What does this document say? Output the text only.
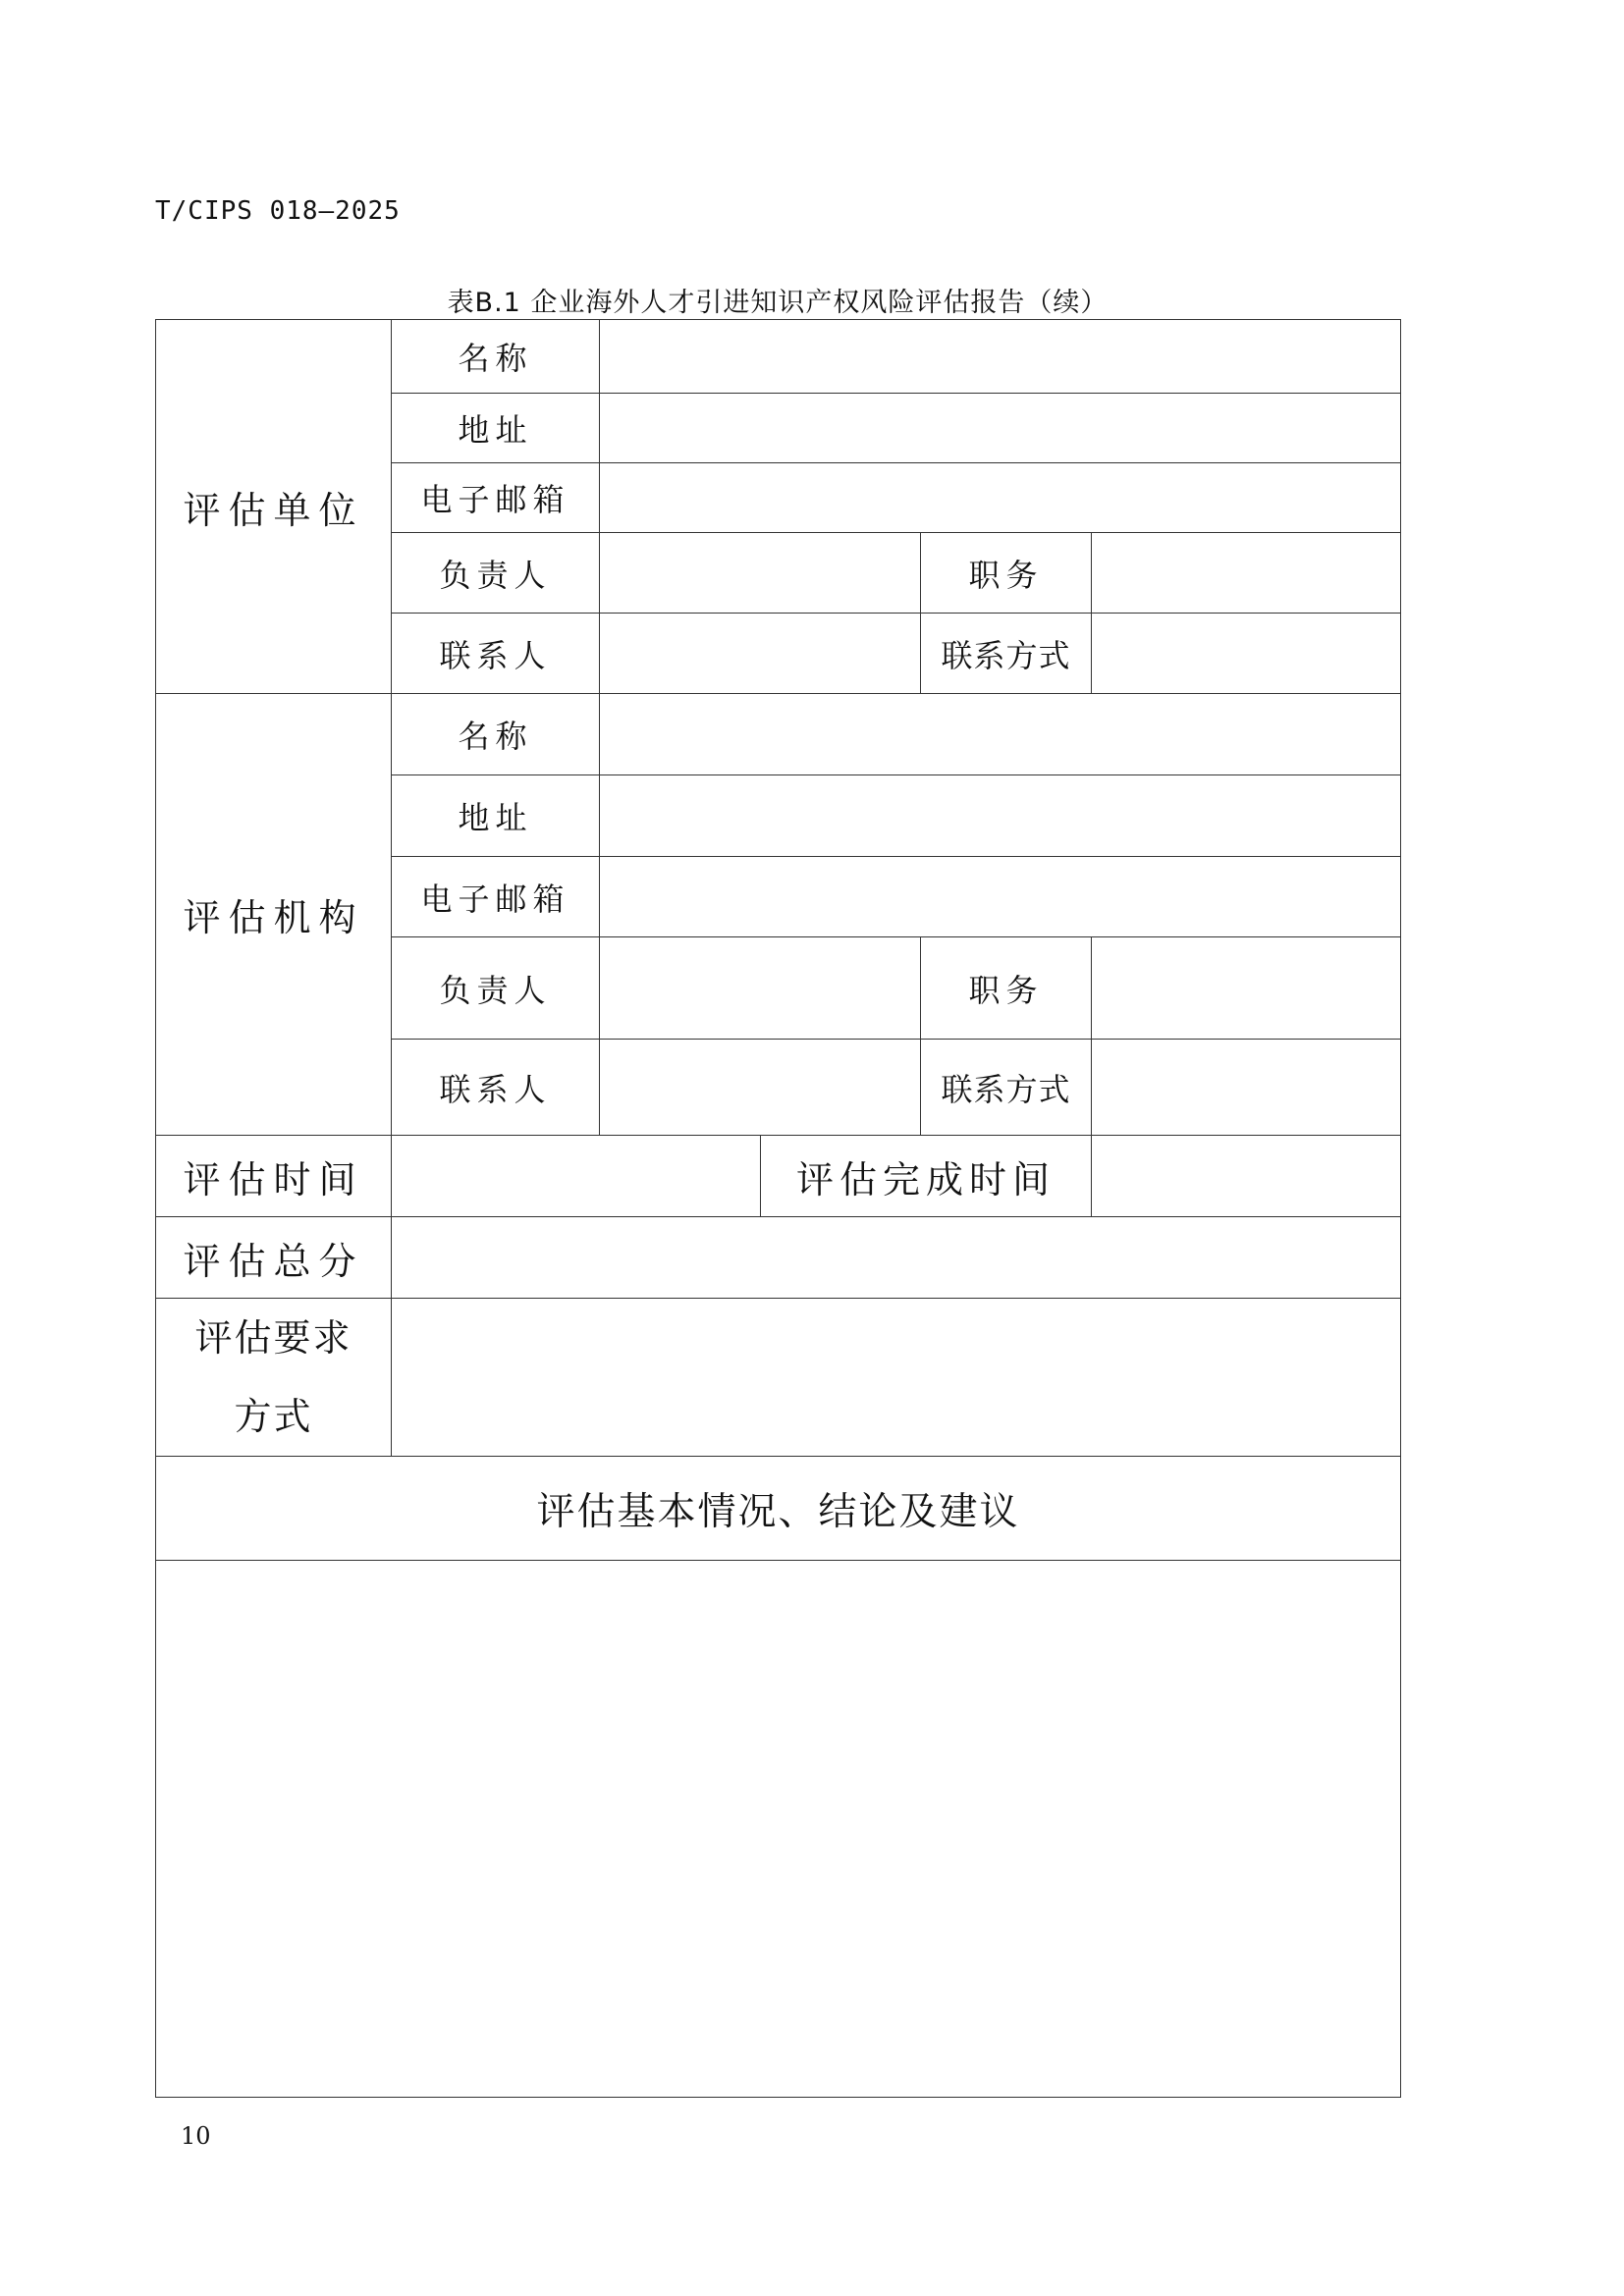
T/CIPS 018—2025
表B.1 企业海外人才引进知识产权风险评估报告（续）
评估单位	名称				
	地址				
	电子邮箱				
	负责人			职务	
	联系人			联系方式	
评估机构	名称				
	地址				
	电子邮箱				
	负责人			职务	
	联系人			联系方式	
评估时间			评估完成时间		
评估总分					

评估要求
方式					

评估基本情况、结论及建议					

10
